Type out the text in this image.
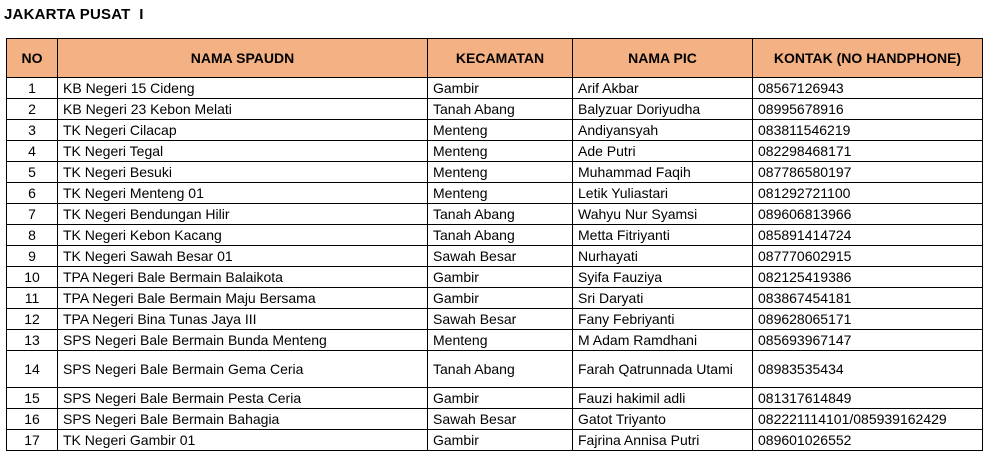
JAKARTA PUSAT  I
NO	NAMA SPAUDN	KECAMATAN	NAMA PIC	KONTAK (NO HANDPHONE)
1	KB Negeri 15 Cideng	Gambir	Arif Akbar	08567126943
2	KB Negeri 23 Kebon Melati	Tanah Abang	Balyzuar Doriyudha	08995678916
3	TK Negeri Cilacap	Menteng	Andiyansyah	083811546219
4	TK Negeri Tegal	Menteng	Ade Putri	082298468171
5	TK Negeri Besuki	Menteng	Muhammad Faqih	087786580197
6	TK Negeri Menteng 01	Menteng	Letik Yuliastari	081292721100
7	TK Negeri Bendungan Hilir	Tanah Abang	Wahyu Nur Syamsi	089606813966
8	TK Negeri Kebon Kacang	Tanah Abang	Metta Fitriyanti	085891414724
9	TK Negeri Sawah Besar 01	Sawah Besar	Nurhayati	087770602915
10	TPA Negeri Bale Bermain Balaikota	Gambir	Syifa Fauziya	082125419386
11	TPA Negeri Bale Bermain Maju Bersama	Gambir	Sri Daryati	083867454181
12	TPA Negeri Bina Tunas Jaya III	Sawah Besar	Fany Febriyanti	089628065171
13	SPS Negeri Bale Bermain Bunda Menteng	Menteng	M Adam Ramdhani	085693967147
14	SPS Negeri Bale Bermain Gema Ceria	Tanah Abang	Farah Qatrunnada Utami	08983535434
15	SPS Negeri Bale Bermain Pesta Ceria	Gambir	Fauzi hakimil adli	081317614849
16	SPS Negeri Bale Bermain Bahagia	Sawah Besar	Gatot Triyanto	082221114101/085939162429
17	TK Negeri Gambir 01	Gambir	Fajrina Annisa Putri	089601026552
